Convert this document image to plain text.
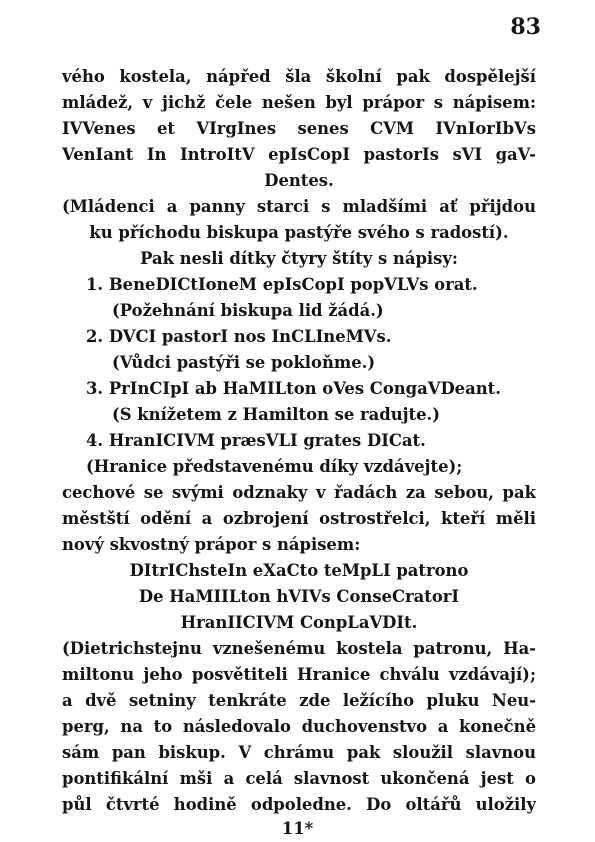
83
vého kostela, nápřed šla školní pak dospělejší
mládež, v jichž čele nešen byl prápor s nápisem:
IVVenes et VIrgInes senes CVM IVnIorIbVs
VenIant In IntroItV epIsCopI pastorIs sVI gaV-
Dentes.
(Mládenci a panny starci s mladšími ať přijdou
ku příchodu biskupa pastýře svého s radostí).
Pak nesli dítky čtyry štíty s nápisy:
1. BeneDICtIoneM epIsCopI popVLVs orat.
(Požehnání biskupa lid žádá.)
2. DVCI pastorI nos InCLIneMVs.
(Vůdci pastýři se pokloňme.)
3. PrInCIpI ab HaMILton oVes CongaVDeant.
(S knížetem z Hamilton se radujte.)
4. HranICIVM præsVLI grates DICat.
(Hranice představenému díky vzdávejte);
cechové se svými odznaky v řadách za sebou, pak
městští odění a ozbrojení ostrostřelci, kteří měli
nový skvostný prápor s nápisem:
DItrIChsteIn eXaCto teMpLI patrono
De HaMIILton hVIVs ConseCratorI
HranIICIVM ConpLaVDIt.
(Dietrichstejnu vznešenému kostela patronu, Ha-
miltonu jeho posvětiteli Hranice chválu vzdávají);
a dvě setniny tenkráte zde ležícího pluku Neu-
perg, na to následovalo duchovenstvo a konečně
sám pan biskup. V chrámu pak sloužil slavnou
pontifikální mši a celá slavnost ukončená jest o
půl čtvrté hodině odpoledne. Do oltářů uložily
11*
